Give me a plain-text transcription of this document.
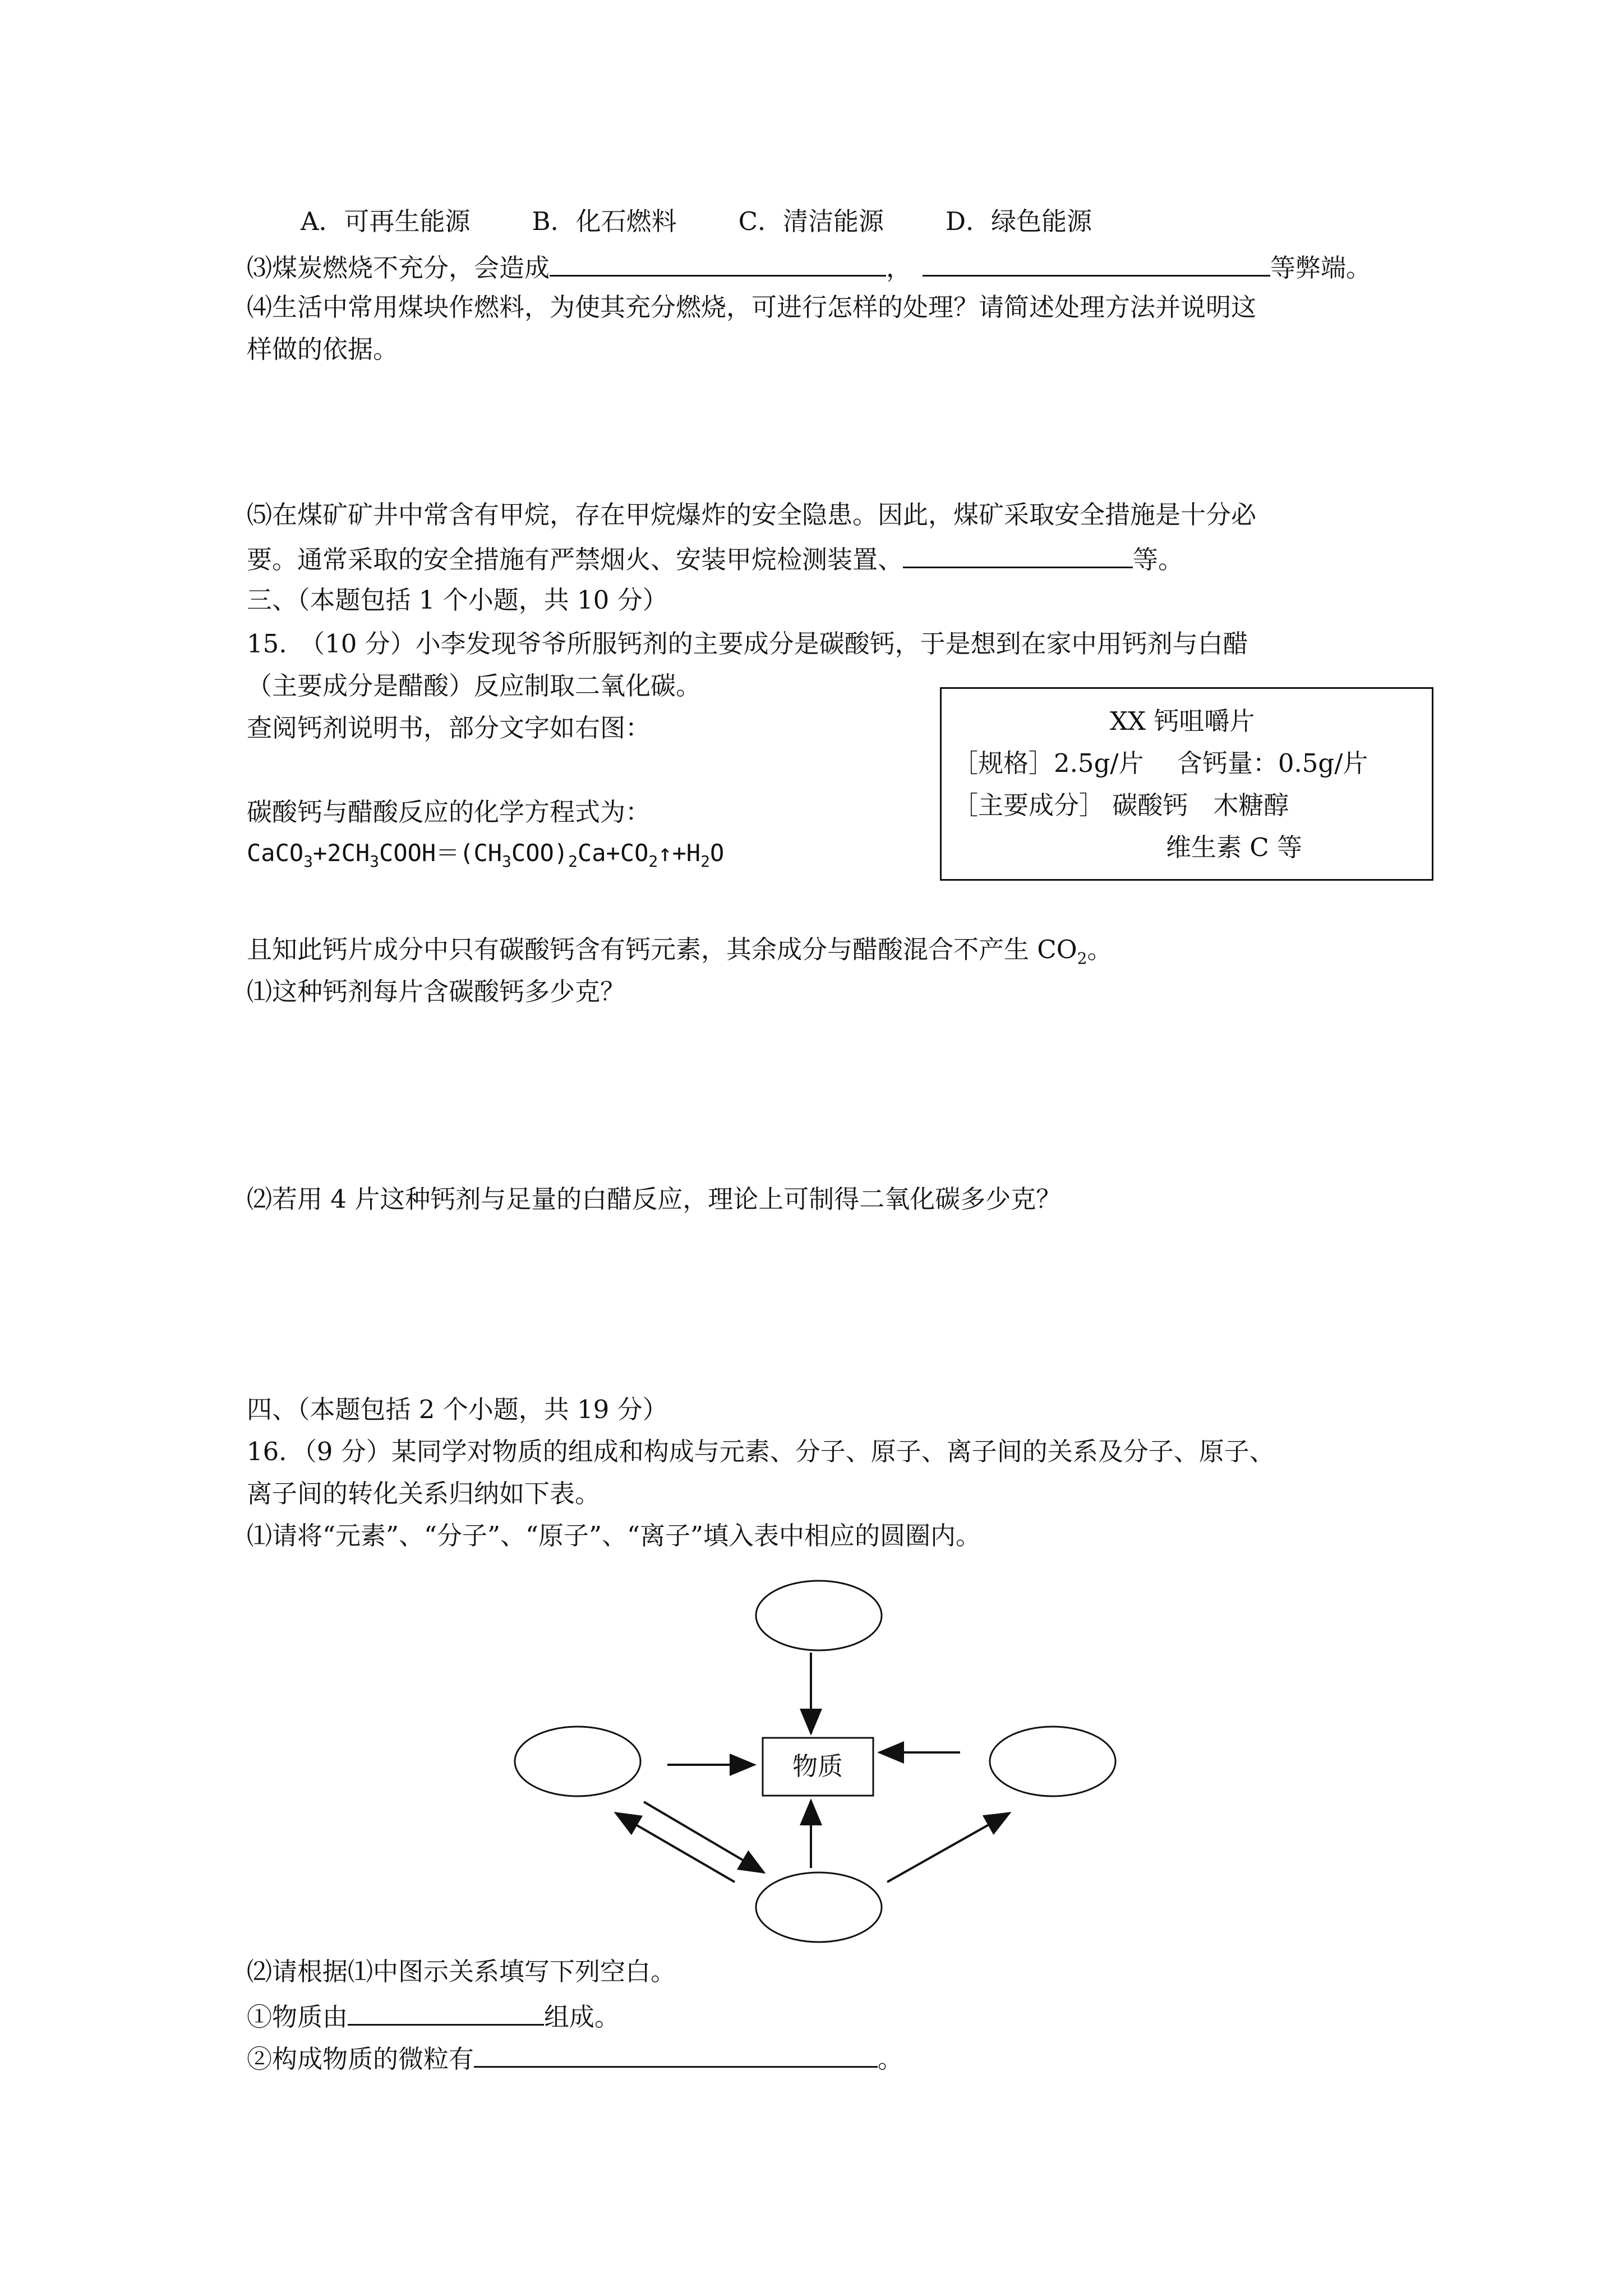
A．可再生能源 B．化石燃料 C．清洁能源 D．绿色能源
⑶煤炭燃烧不充分，会造成	，	等弊端。
⑷生活中常用煤块作燃料，为使其充分燃烧，可进行怎样的处理？请简述处理方法并说明这
样做的依据。
⑸在煤矿矿井中常含有甲烷，存在甲烷爆炸的安全隐患。因此，煤矿采取安全措施是十分必
要。通常采取的安全措施有严禁烟火、安装甲烷检测装置、	等。
三、（本题包括 1 个小题，共 10 分）
15.　（10 分）小李发现爷爷所服钙剂的主要成分是碳酸钙，于是想到在家中用钙剂与白醋
（主要成分是醋酸）反应制取二氧化碳。
查阅钙剂说明书，部分文字如右图：
碳酸钙与醋酸反应的化学方程式为：
$CaCO_3+2CH_3COOH=(CH_3COO)_2Ca+CO_2↑+H_2O$
XX 钙咀嚼片
［规格］2.5g/片　 含钙量：0.5g/片
［主要成分］ 碳酸钙　木糖醇
维生素 C 等
且知此钙片成分中只有碳酸钙含有钙元素，其余成分与醋酸混合不产生 $CO_2$。
⑴这种钙剂每片含碳酸钙多少克？
⑵若用 4 片这种钙剂与足量的白醋反应，理论上可制得二氧化碳多少克？
四、（本题包括 2 个小题，共 19 分）
16．（9 分）某同学对物质的组成和构成与元素、分子、原子、离子间的关系及分子、原子、
离子间的转化关系归纳如下表。
⑴请将“元素”、“分子”、“原子”、“离子”填入表中相应的圆圈内。
物质
⑵请根据⑴中图示关系填写下列空白。
①物质由	组成。
②构成物质的微粒有	。
